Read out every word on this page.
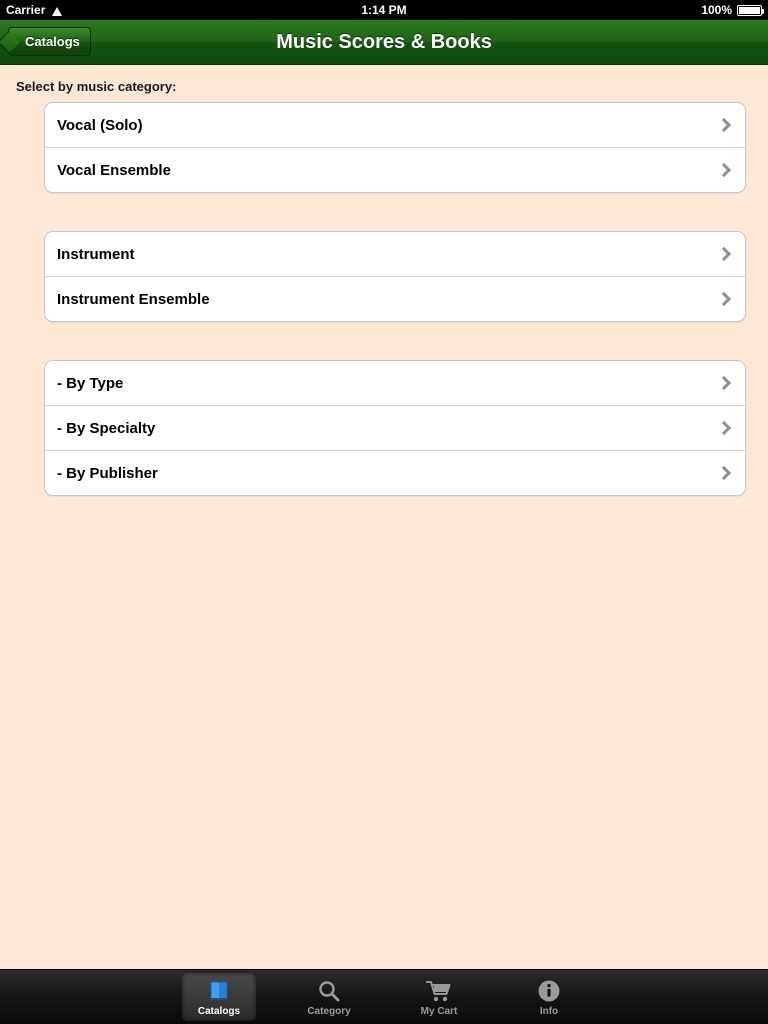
Carrier	1:14 PM	100%
Catalogs	Music Scores & Books
Select by music category:
Vocal (Solo)
Vocal Ensemble
Instrument
Instrument Ensemble
- By Type
- By Specialty
- By Publisher
Catalogs	Category	My Cart	Info
